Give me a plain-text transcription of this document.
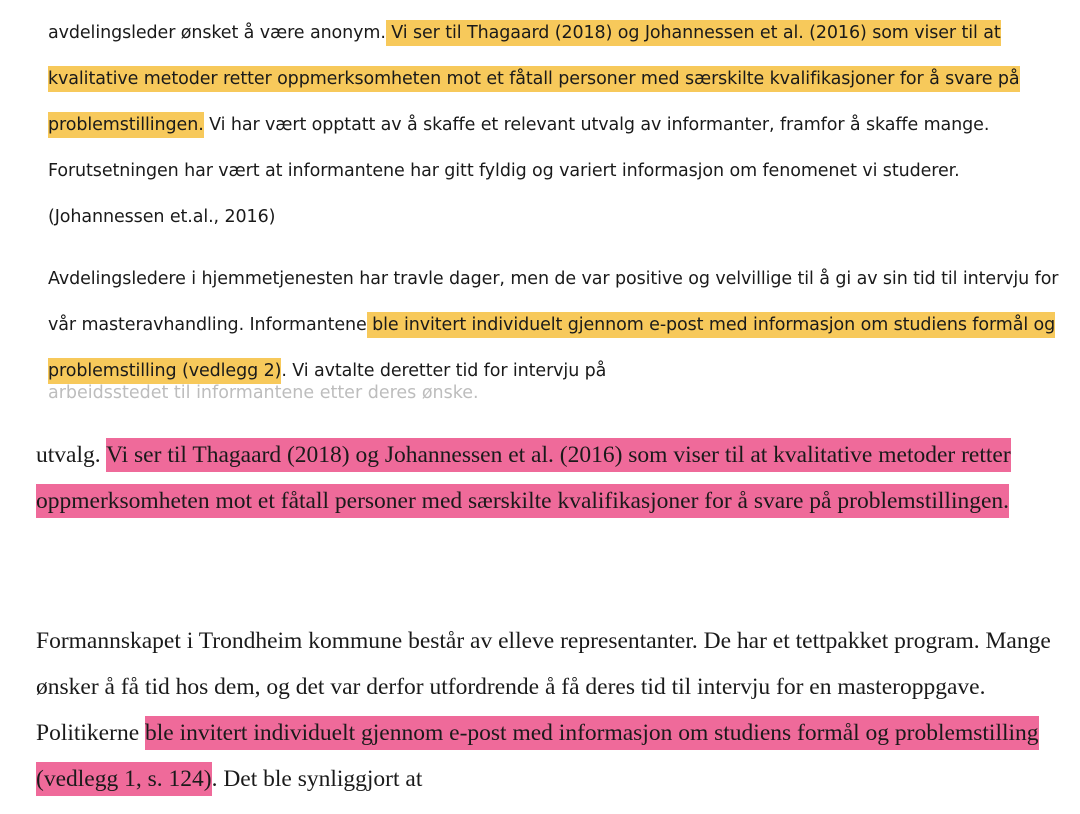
avdelingsleder ønsket å være anonym. Vi ser til Thagaard (2018) og Johannessen et al. (2016) som viser til at kvalitative metoder retter oppmerksomheten mot et fåtall personer med særskilte kvalifikasjoner for å svare på problemstillingen. Vi har vært opptatt av å skaffe et relevant utvalg av informanter, framfor å skaffe mange. Forutsetningen har vært at informantene har gitt fyldig og variert informasjon om fenomenet vi studerer. (Johannessen et.al., 2016)

Avdelingsledere i hjemmetjenesten har travle dager, men de var positive og velvillige til å gi av sin tid til intervju for vår masteravhandling. Informantene ble invitert individuelt gjennom e-post med informasjon om studiens formål og problemstilling (vedlegg 2). Vi avtalte deretter tid for intervju på

arbeidsstedet til informantene etter deres ønske.

utvalg. Vi ser til Thagaard (2018) og Johannessen et al. (2016) som viser til at kvalitative metoder retter oppmerksomheten mot et fåtall personer med særskilte kvalifikasjoner for å svare på problemstillingen.

Formannskapet i Trondheim kommune består av elleve representanter. De har et tettpakket program. Mange ønsker å få tid hos dem, og det var derfor utfordrende å få deres tid til intervju for en masteroppgave. Politikerne ble invitert individuelt gjennom e-post med informasjon om studiens formål og problemstilling (vedlegg 1, s. 124). Det ble synliggjort at
